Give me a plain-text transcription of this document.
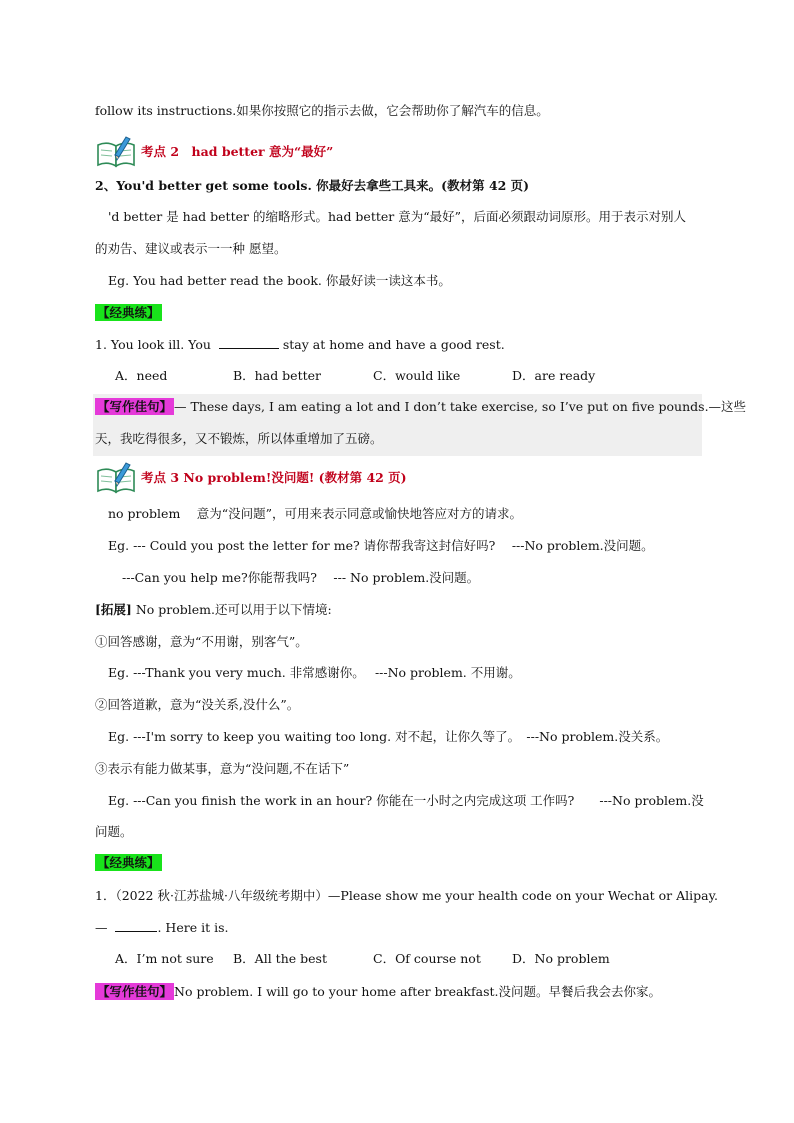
follow its instructions.如果你按照它的指示去做，它会帮助你了解汽车的信息。
考点 2　had better 意为“最好”
2、You'd better get some tools. 你最好去拿些工具来。(教材第 42 页)
'd better 是 had better 的缩略形式。had better 意为“最好”，后面必须跟动词原形。用于表示对别人
的劝告、建议或表示一一种 愿望。
Eg. You had better read the book. 你最好读一读这本书。
【经典练】
1. You look ill. You	stay at home and have a good rest.
A．need	B．had better	C．would like	D．are ready
【写作佳句】 — These days, I am eating a lot and I don’t take exercise, so I’ve put on five pounds.—这些
天，我吃得很多，又不锻炼，所以体重增加了五磅。
考点 3 No problem!没问题! (教材第 42 页)
no problem　 意为“没问题”，可用来表示同意或愉快地答应对方的请求。
Eg. --- Could you post the letter for me? 请你帮我寄这封信好吗?　 ---No problem.没问题。
---Can you help me?你能帮我吗?　 --- No problem.没问题。
[拓展] No problem.还可以用于以下情境:
①回答感谢，意为“不用谢，别客气”。
Eg. ---Thank you very much. 非常感谢你。　 ---No problem. 不用谢。
②回答道歉，意为“没关系,没什么”。
Eg. ---I'm sorry to keep you waiting too long. 对不起，让你久等了。　---No problem.没关系。
③表示有能力做某事，意为“没问题,不在话下”
Eg. ---Can you finish the work in an hour? 你能在一小时之内完成这项 工作吗?　　---No problem.没
问题。
【经典练】
1．（2022 秋·江苏盐城·八年级统考期中）—Please show me your health code on your Wechat or Alipay.
—	. Here it is.
A．I’m not sure	B．All the best	C．Of course not	D．No problem
【写作佳句】 No problem. I will go to your home after breakfast.没问题。早餐后我会去你家。
